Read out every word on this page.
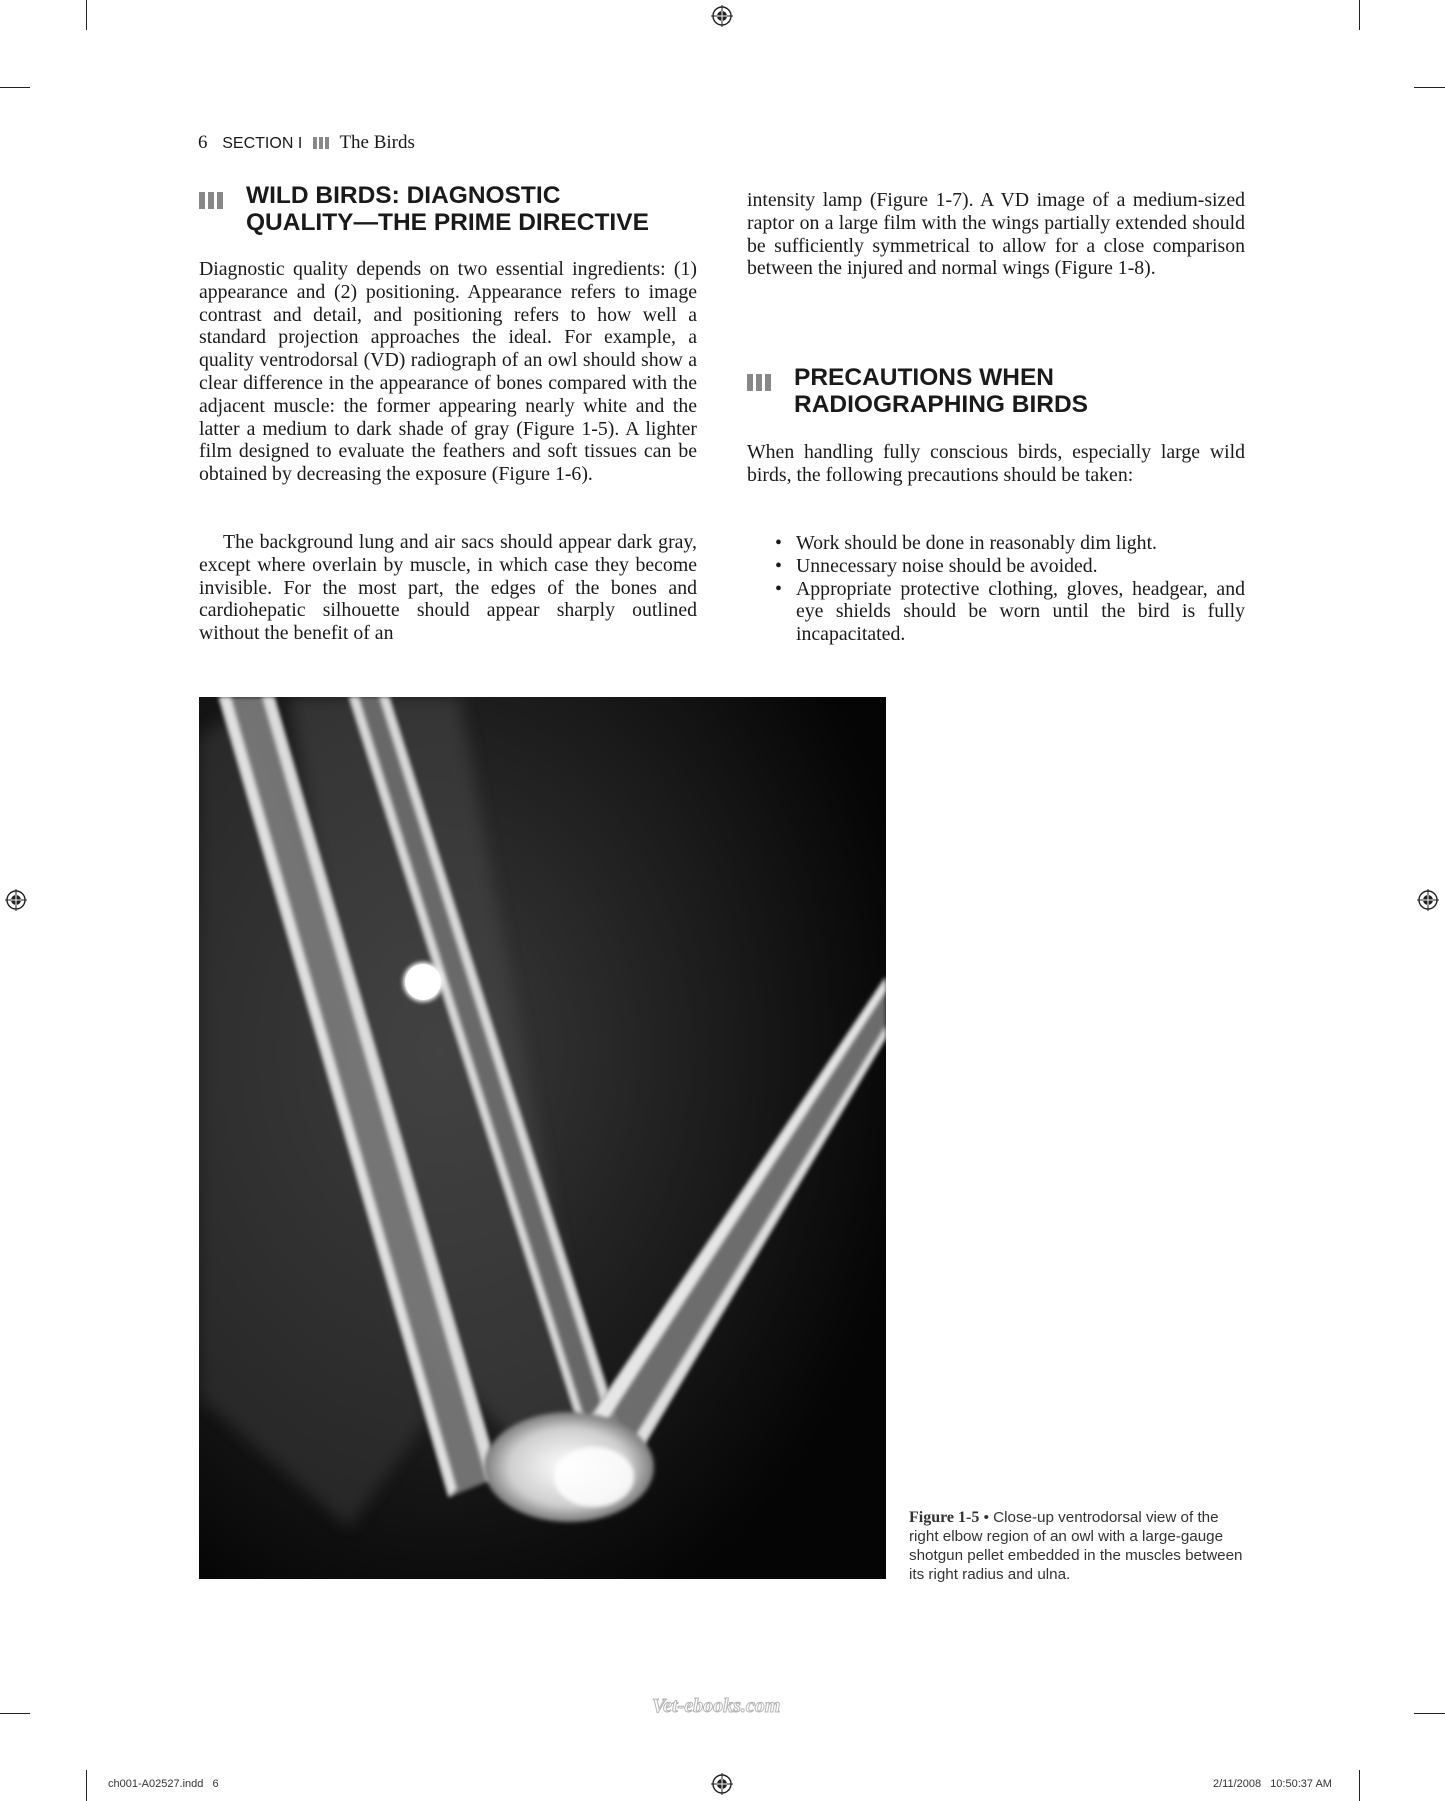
6 SECTION I The Birds
WILD BIRDS: DIAGNOSTIC
QUALITY—THE PRIME DIRECTIVE

Diagnostic quality depends on two essential ingredients: (1) appearance and (2) positioning. Appearance refers to image contrast and detail, and positioning refers to how well a standard projection approaches the ideal. For example, a quality ventrodorsal (VD) radiograph of an owl should show a clear difference in the appearance of bones compared with the adjacent muscle: the former appearing nearly white and the latter a medium to dark shade of gray (Figure 1-5). A lighter film designed to evaluate the feathers and soft tissues can be obtained by decreasing the exposure (Figure 1-6).

The background lung and air sacs should appear dark gray, except where overlain by muscle, in which case they become invisible. For the most part, the edges of the bones and cardiohepatic silhouette should appear sharply outlined without the benefit of an

intensity lamp (Figure 1-7). A VD image of a medium-sized raptor on a large film with the wings partially extended should be sufficiently symmetrical to allow for a close comparison between the injured and normal wings (Figure 1-8).

PRECAUTIONS WHEN
RADIOGRAPHING BIRDS

When handling fully conscious birds, especially large wild birds, the following precautions should be taken:

• Work should be done in reasonably dim light.
• Unnecessary noise should be avoided.
• Appropriate protective clothing, gloves, headgear, and eye shields should be worn until the bird is fully incapacitated.
Figure 1-5 • Close-up ventrodorsal view of the right elbow region of an owl with a large-gauge shotgun pellet embedded in the muscles between its right radius and ulna.
Vet-ebooks.com
ch001-A02527.indd 6	2/11/2008 10:50:37 AM
